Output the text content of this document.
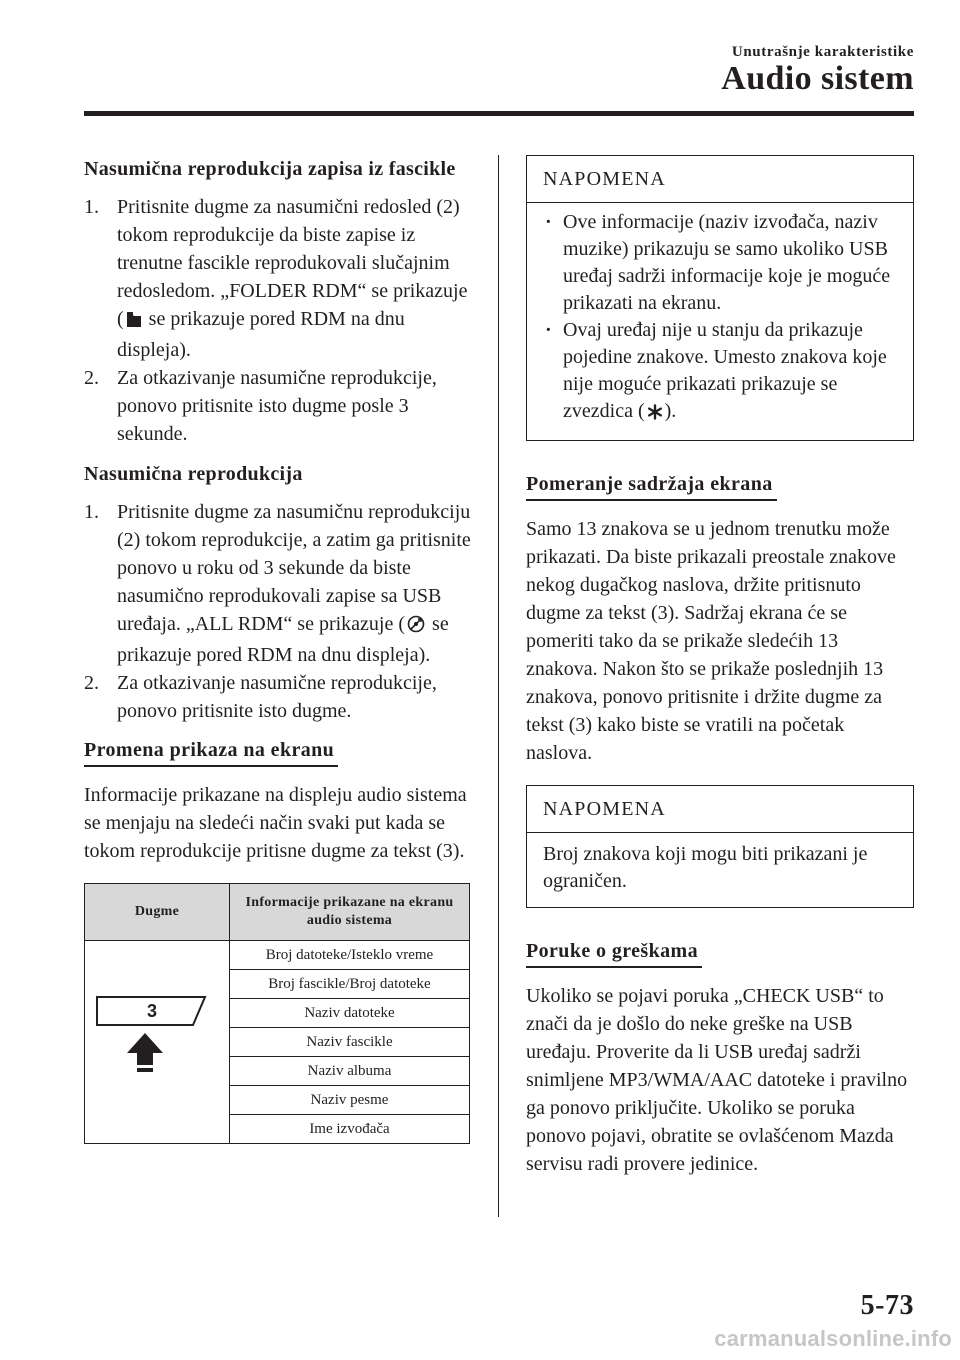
Unutrašnje karakteristike
Audio sistem
Nasumična reprodukcija zapisa iz fascikle
1. Pritisnite dugme za nasumični redosled (2) tokom reprodukcije da biste zapise iz trenutne fascikle reprodukovali slučajnim redosledom. „FOLDER RDM“ se prikazuje ( se prikazuje pored RDM na dnu displeja).
2. Za otkazivanje nasumične reprodukcije, ponovo pritisnite isto dugme posle 3 sekunde.
Nasumična reprodukcija
1. Pritisnite dugme za nasumičnu reprodukciju (2) tokom reprodukcije, a zatim ga pritisnite ponovo u roku od 3 sekunde da biste nasumično reprodukovali zapise sa USB uređaja. „ALL RDM“ se prikazuje ( se prikazuje pored RDM na dnu displeja).
2. Za otkazivanje nasumične reprodukcije, ponovo pritisnite isto dugme.
Promena prikaza na ekranu

Informacije prikazane na displeju audio sistema se menjaju na sledeći način svaki put kada se tokom reprodukcije pritisne dugme za tekst (3).

Dugme	Informacije prikazane na ekranu audio sistema

3	Broj datoteke/Isteklo vreme
	Broj fascikle/Broj datoteke
	Naziv datoteke
	Naziv fascikle
	Naziv albuma
	Naziv pesme
	Ime izvođača
NAPOMENA
· Ove informacije (naziv izvođača, naziv muzike) prikazuju se samo ukoliko USB uređaj sadrži informacije koje je moguće prikazati na ekranu.
· Ovaj uređaj nije u stanju da prikazuje pojedine znakove. Umesto znakova koje nije moguće prikazati prikazuje se zvezdica ( ).
Pomeranje sadržaja ekrana

Samo 13 znakova se u jednom trenutku može prikazati. Da biste prikazali preostale znakove nekog dugačkog naslova, držite pritisnuto dugme za tekst (3). Sadržaj ekrana će se pomeriti tako da se prikaže sledećih 13 znakova. Nakon što se prikaže poslednjih 13 znakova, ponovo pritisnite i držite dugme za tekst (3) kako biste se vratili na početak naslova.

NAPOMENA

Broj znakova koji mogu biti prikazani je ograničen.

Poruke o greškama

Ukoliko se pojavi poruka „CHECK USB“ to znači da je došlo do neke greške na USB uređaju. Proverite da li USB uređaj sadrži snimljene MP3/WMA/AAC datoteke i pravilno ga ponovo priključite. Ukoliko se poruka ponovo pojavi, obratite se ovlašćenom Mazda servisu radi provere jedinice.

5-73
carmanualsonline.info
